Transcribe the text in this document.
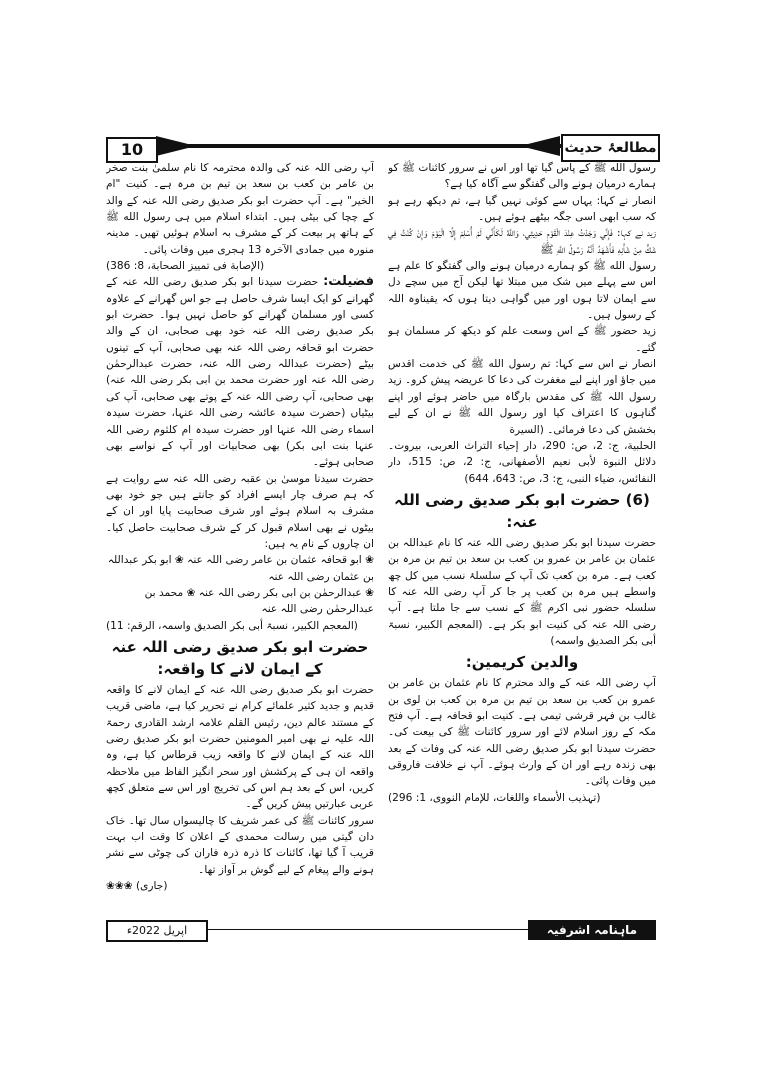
10	مطالعۂ حدیث

رسول الله ﷺ کے پاس گیا تھا اور اس نے سرور کائنات ﷺ کو ہمارے درمیان ہونے والی گفتگو سے آگاہ کیا ہے؟

انصار نے کہا: یہاں سے کوئی نہیں گیا ہے، تم دیکھ رہے ہو کہ سب ابھی اسی جگہ بیٹھے ہوئے ہیں۔

زید نے کہا: فَإِنِّي وَجَدْتُ عِنْدَ الْقَوْمِ حَدِيثِي، وَاللَّهُ لَكَأَنِّي لَمْ أُسْلِمْ إِلَّا الْيَوْمَ وَإِنْ كُنْتُ فِي شَكٍّ مِنْ شَأْنِهِ فَأَشْهَدُ أَنَّهُ رَسُولُ اللَّهِ ﷺ

رسول الله ﷺ کو ہمارے درمیان ہونے والی گفتگو کا علم ہے اس سے پہلے میں شک میں مبتلا تھا لیکن آج میں سچے دل سے ایمان لاتا ہوں اور میں گواہی دیتا ہوں کہ یقیناوہ اللہ کے رسول ہیں۔

زید حضور ﷺ کے اس وسعت علم کو دیکھ کر مسلمان ہو گئے۔

انصار نے اس سے کہا: تم رسول الله ﷺ کی خدمت اقدس میں جاؤ اور اپنے لیے مغفرت کی دعا کا عریضہ پیش کرو۔ زید رسول اللہ ﷺ کی مقدس بارگاہ میں حاضر ہوئے اور اپنے گناہوں کا اعتراف کیا اور رسول الله ﷺ نے ان کے لیے بخشش کی دعا فرمائی۔ (السیرة

الحلبیة، ج: 2، ص: 290، دار إحیاء التراث العربی، بیروت۔ دلائل النبوة لأبی نعیم الأصفهانی، ج: 2، ص: 515، دار النفائس، ضیاء النبی، ج: 3، ص: 643، 644)

(6) حضرت ابو بکر صدیق رضی اللہ عنہ:

حضرت سیدنا ابو بکر صدیق رضی اللہ عنہ کا نام عبداللہ بن عثمان بن عامر بن عمرو بن کعب بن سعد بن تیم بن مرہ بن کعب ہے۔ مرہ بن کعب تک آپ کے سلسلۂ نسب میں کل چھ واسطے ہیں مرہ بن کعب پر جا کر آپ رضی اللہ عنہ کا سلسلہ حضور نبی اکرم ﷺ کے نسب سے جا ملتا ہے۔ آپ رضی اللہ عنہ کی کنیت ابو بکر ہے۔ (المعجم الکبیر، نسبۃ أبی بکر الصدیق واسمہ)

والدین کریمین:

آپ رضی اللہ عنہ کے والد محترم کا نام عثمان بن عامر بن عمرو بن کعب بن سعد بن تیم بن مرہ بن کعب بن لوی بن غالب بن فہر قرشی تیمی ہے۔ کنیت ابو قحافہ ہے۔ آپ فتح مکہ کے روز اسلام لائے اور سرور کائنات ﷺ کی بیعت کی۔ حضرت سیدنا ابو بکر صدیق رضی اللہ عنہ کی وفات کے بعد بھی زندہ رہے اور ان کے وارث ہوئے۔ آپ نے خلافت فاروقی میں وفات پائی۔

(تہذیب الأسماء واللغات، للإمام النووی، 1: 296)

آپ رضی اللہ عنہ کی والدہ محترمہ کا نام سلمیٰ بنت صخر بن عامر بن کعب بن سعد بن تیم بن مرہ ہے۔ کنیت "ام الخیر" ہے۔ آپ حضرت ابو بکر صدیق رضی اللہ عنہ کے والد کے چچا کی بیٹی ہیں۔ ابتداء اسلام میں ہی رسول الله ﷺ کے ہاتھ پر بیعت کر کے مشرف بہ اسلام ہوئیں تھیں۔ مدینہ منورہ میں جمادی الآخرہ 13 ہجری میں وفات پائی۔

(الإصابة فی تمییز الصحابة، 8: 386)

فضیلت: حضرت سیدنا ابو بکر صدیق رضی اللہ عنہ کے گھرانے کو ایک ایسا شرف حاصل ہے جو اس گھرانے کے علاوہ کسی اور مسلمان گھرانے کو حاصل نہیں ہوا۔ حضرت ابو بکر صدیق رضی اللہ عنہ خود بھی صحابی، ان کے والد حضرت ابو قحافہ رضی اللہ عنہ بھی صحابی، آپ کے تینوں بیٹے (حضرت عبداللہ رضی اللہ عنہ، حضرت عبدالرحمٰن رضی اللہ عنہ اور حضرت محمد بن ابی بکر رضی اللہ عنہ) بھی صحابی، آپ رضی اللہ عنہ کے پوتے بھی صحابی، آپ کی بیٹیاں (حضرت سیدہ عائشہ رضی اللہ عنہا، حضرت سیدہ اسماء رضی اللہ عنہا اور حضرت سیدہ ام کلثوم رضی اللہ عنہا بنت ابی بکر) بھی صحابیات اور آپ کے نواسے بھی صحابی ہوئے۔

حضرت سیدنا موسیٰ بن عقبہ رضی اللہ عنہ سے روایت ہے کہ ہم صرف چار ایسے افراد کو جانتے ہیں جو خود بھی مشرف بہ اسلام ہوئے اور شرف صحابیت پایا اور ان کے بیٹوں نے بھی اسلام قبول کر کے شرف صحابیت حاصل کیا۔ ان چاروں کے نام یہ ہیں:

❀ ابو قحافہ عثمان بن عامر رضی اللہ عنہ ❀ ابو بکر عبداللہ بن عثمان رضی اللہ عنہ

❀ عبدالرحمٰن بن ابی بکر رضی اللہ عنہ ❀ محمد بن عبدالرحمٰن رضی اللہ عنہ

(المعجم الکبیر، نسبۃ أبی بکر الصدیق واسمہ، الرقم: 11)

حضرت ابو بکر صدیق رضی اللہ عنہ کے ایمان لانے کا واقعہ:

حضرت ابو بکر صدیق رضی اللہ عنہ کے ایمان لانے کا واقعہ قدیم و جدید کثیر علمائے کرام نے تحریر کیا ہے، ماضی قریب کے مستند عالم دین، رئیس القلم علامہ ارشد القادری رحمۃ اللہ علیہ نے بھی امیر المومنین حضرت ابو بکر صدیق رضی اللہ عنہ کے ایمان لانے کا واقعہ زیب قرطاس کیا ہے، وہ واقعہ ان ہی کے پرکشش اور سحر انگیز الفاظ میں ملاحظہ کریں، اس کے بعد ہم اس کی تخریج اور اس سے متعلق کچھ عربی عبارتیں پیش کریں گے۔

سرور کائنات ﷺ کی عمر شریف کا چالیسواں سال تھا۔ خاک دان گیتی میں رسالت محمدی کے اعلان کا وقت اب بہت قریب آ گیا تھا، کائنات کا ذرہ ذرہ فاران کی چوٹی سے نشر ہونے والے پیغام کے لیے گوش بر آواز تھا۔

(جاری) ❀❀❀

اپریل 2022ء	ماہنامہ اشرفیہ
